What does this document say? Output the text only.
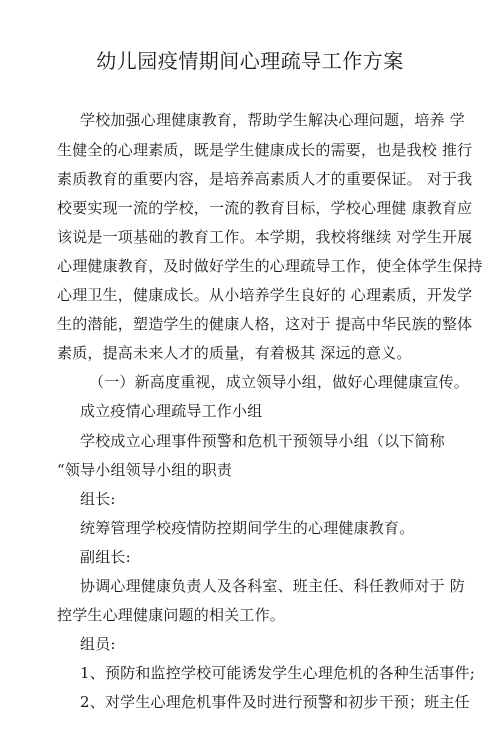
幼儿园疫情期间心理疏导工作方案
学校加强心理健康教育，帮助学生解决心理问题，培养 学
生健全的心理素质，既是学生健康成长的需要，也是我校 推行
素质教育的重要内容，是培养高素质人才的重要保证。 对于我
校要实现一流的学校，一流的教育目标，学校心理健 康教育应
该说是一项基础的教育工作。本学期，我校将继续 对学生开展
心理健康教育，及时做好学生的心理疏导工作，使全体学生保持
心理卫生，健康成长。从小培养学生良好的 心理素质，开发学
生的潜能，塑造学生的健康人格，这对于 提高中华民族的整体
素质，提高未来人才的质量，有着极其 深远的意义。
（一）新高度重视，成立领导小组，做好心理健康宣传。
成立疫情心理疏导工作小组
学校成立心理事件预警和危机干预领导小组（以下简称
“领导小组领导小组的职责
组长:
统筹管理学校疫情防控期间学生的心理健康教育。
副组长:
协调心理健康负责人及各科室、班主任、科任教师对于 防
控学生心理健康问题的相关工作。
组员:
1、预防和监控学校可能诱发学生心理危机的各种生活事件;
2、对学生心理危机事件及时进行预警和初步干预；班主任
